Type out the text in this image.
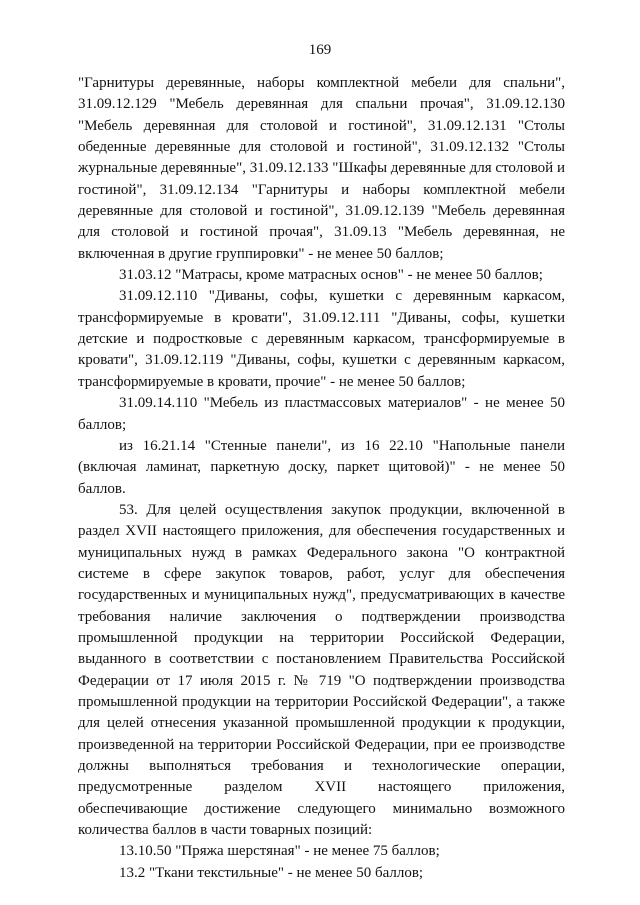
169

"Гарнитуры деревянные, наборы комплектной мебели для спальни", 31.09.12.129 "Мебель деревянная для спальни прочая", 31.09.12.130 "Мебель деревянная для столовой и гостиной", 31.09.12.131 "Столы обеденные деревянные для столовой и гостиной", 31.09.12.132 "Столы журнальные деревянные", 31.09.12.133 "Шкафы деревянные для столовой и гостиной", 31.09.12.134 "Гарнитуры и наборы комплектной мебели деревянные для столовой и гостиной", 31.09.12.139 "Мебель деревянная для столовой и гостиной прочая", 31.09.13 "Мебель деревянная, не включенная в другие группировки" - не менее 50 баллов;

31.03.12 "Матрасы, кроме матрасных основ" - не менее 50 баллов;

31.09.12.110 "Диваны, софы, кушетки с деревянным каркасом, трансформируемые в кровати", 31.09.12.111 "Диваны, софы, кушетки детские и подростковые с деревянным каркасом, трансформируемые в кровати", 31.09.12.119 "Диваны, софы, кушетки с деревянным каркасом, трансформируемые в кровати, прочие" - не менее 50 баллов;

31.09.14.110 "Мебель из пластмассовых материалов" - не менее 50 баллов;

из 16.21.14 "Стенные панели", из 16 22.10 "Напольные панели (включая ламинат, паркетную доску, паркет щитовой)" - не менее 50 баллов.

53. Для целей осуществления закупок продукции, включенной в раздел XVII настоящего приложения, для обеспечения государственных и муниципальных нужд в рамках Федерального закона "О контрактной системе в сфере закупок товаров, работ, услуг для обеспечения государственных и муниципальных нужд", предусматривающих в качестве требования наличие заключения о подтверждении производства промышленной продукции на территории Российской Федерации, выданного в соответствии с постановлением Правительства Российской Федерации от 17 июля 2015 г. № 719 "О подтверждении производства промышленной продукции на территории Российской Федерации", а также для целей отнесения указанной промышленной продукции к продукции, произведенной на территории Российской Федерации, при ее производстве должны выполняться требования и технологические операции, предусмотренные разделом XVII настоящего приложения, обеспечивающие достижение следующего минимально возможного количества баллов в части товарных позиций:

13.10.50 "Пряжа шерстяная" - не менее 75 баллов;

13.2 "Ткани текстильные" - не менее 50 баллов;
